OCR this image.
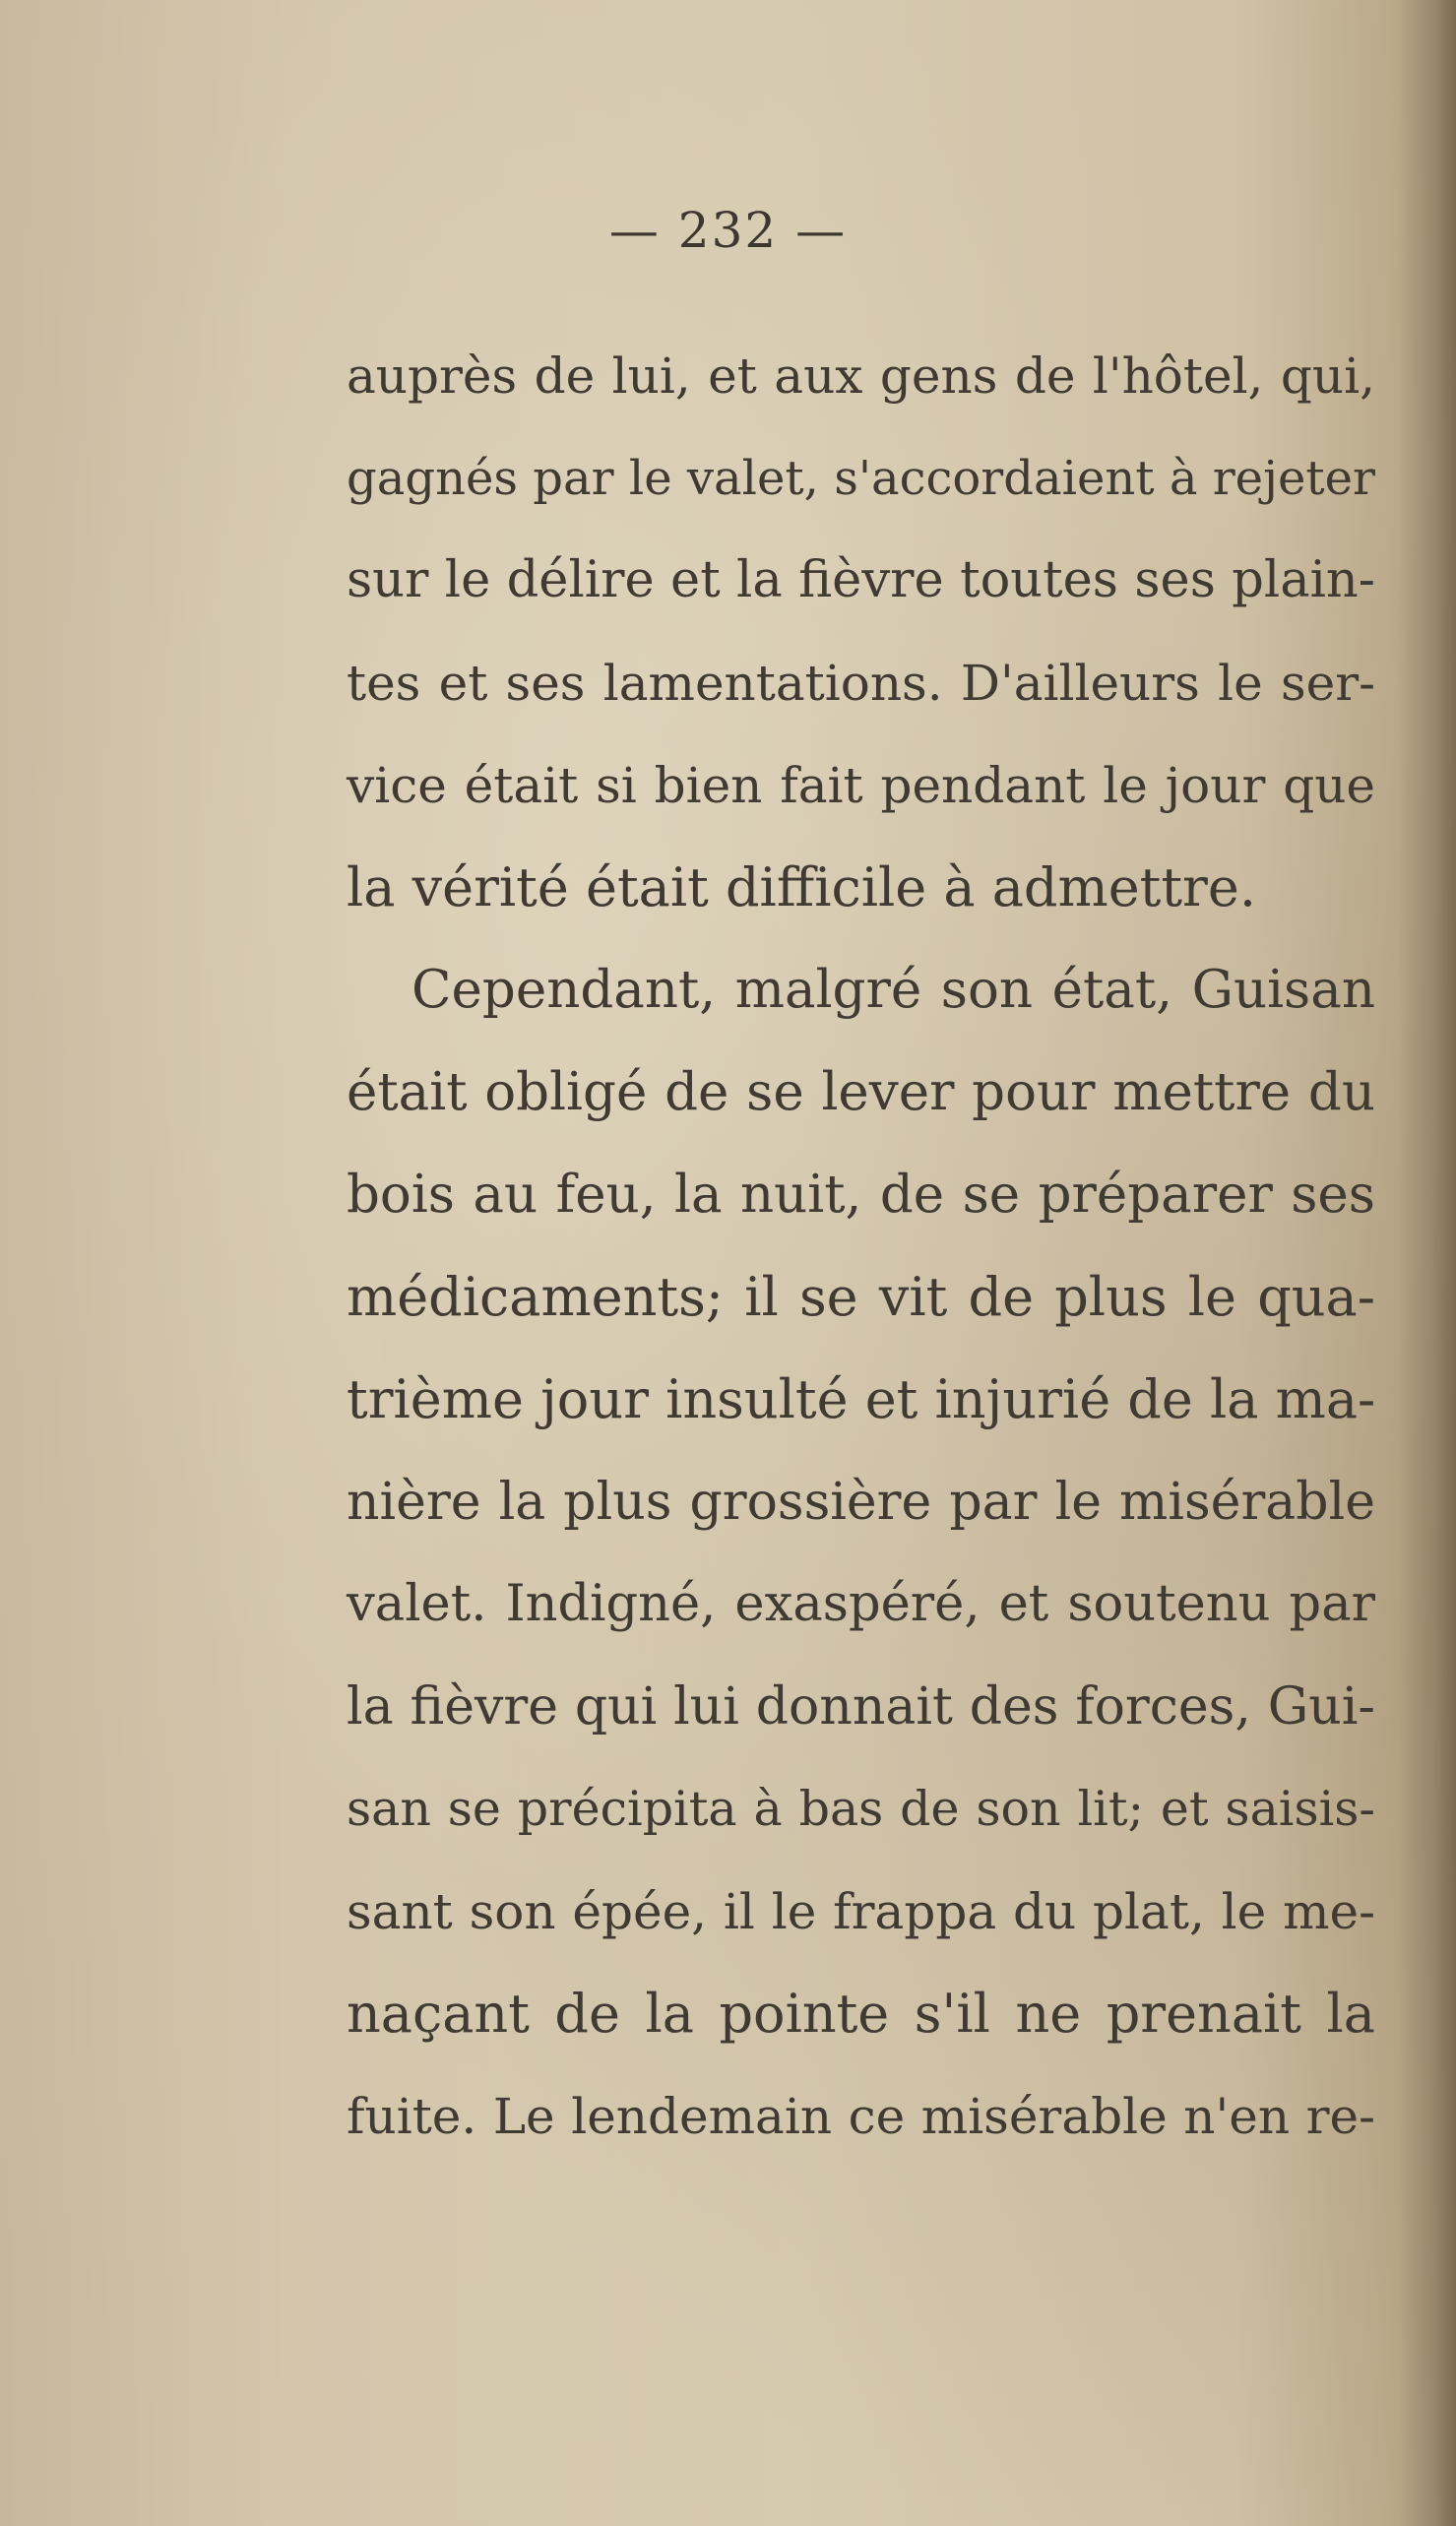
— 232 —
auprès de lui, et aux gens de l'hôtel, qui,
gagnés par le valet, s'accordaient à rejeter
sur le délire et la fièvre toutes ses plain-
tes et ses lamentations. D'ailleurs le ser-
vice était si bien fait pendant le jour que
la vérité était difficile à admettre.
Cependant, malgré son état, Guisan
était obligé de se lever pour mettre du
bois au feu, la nuit, de se préparer ses
médicaments; il se vit de plus le qua-
trième jour insulté et injurié de la ma-
nière la plus grossière par le misérable
valet. Indigné, exaspéré, et soutenu par
la fièvre qui lui donnait des forces, Gui-
san se précipita à bas de son lit; et saisis-
sant son épée, il le frappa du plat, le me-
naçant de la pointe s'il ne prenait la
fuite. Le lendemain ce misérable n'en re-
